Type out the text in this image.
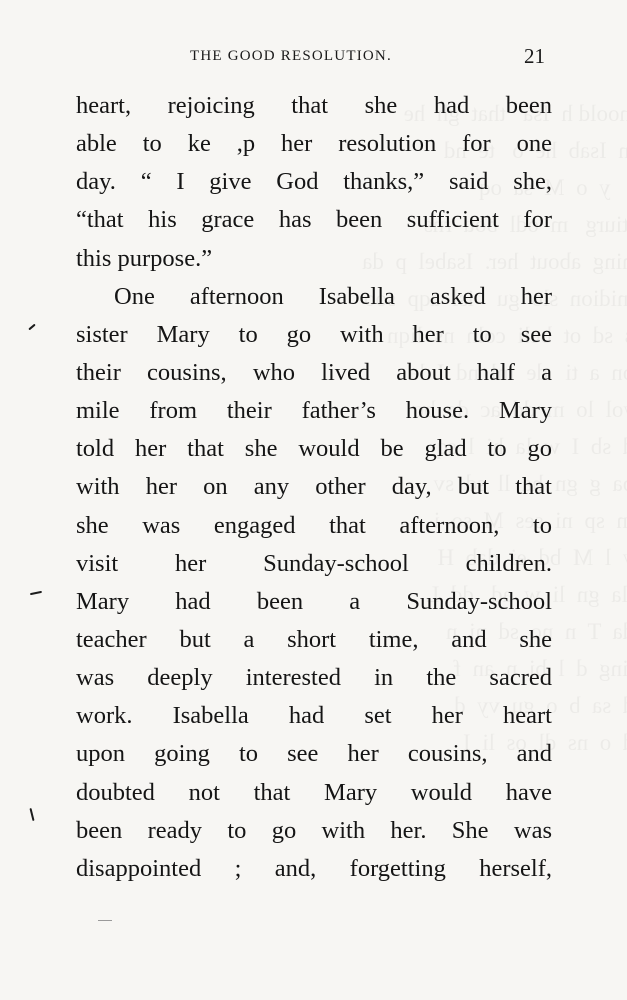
THE GOOD RESOLUTION.	21
heart, rejoicing that she had been
able to ke ,p her resolution for one
day. “ I give God thanks,” said she,
“that his grace has been sufficient for
this purpose.”
One afternoon Isabella asked her
sister Mary to go with her to see
their cousins, who lived about half a
mile from their father’s house. Mary
told her that she would be glad to go
with her on any other day, but that
she was engaged that afternoon, to
visit her Sunday-school children.
Mary had been a Sunday-school
teacher but a short time, and she
was deeply interested in the sacred
work. Isabella had set her heart
upon going to see her cousins, and
doubted not that Mary would have
been ready to go with her. She was
disappointed ; and, forgetting herself,
